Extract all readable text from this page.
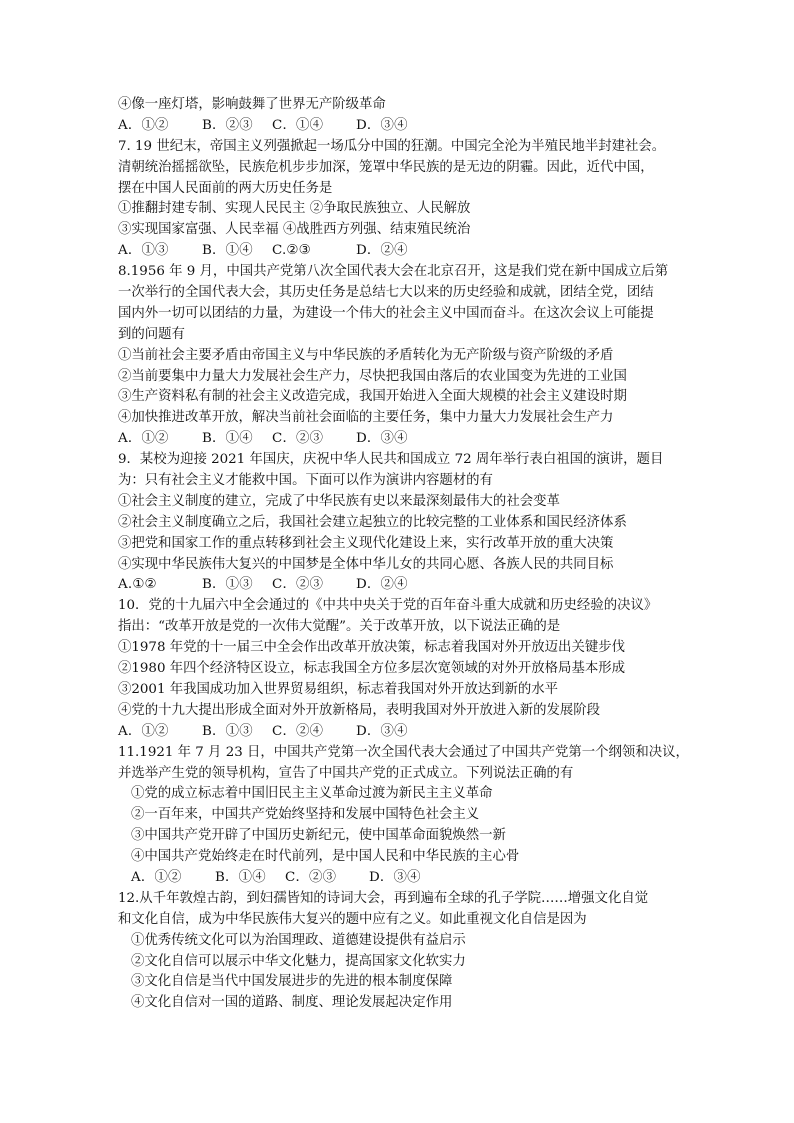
④像一座灯塔，影响鼓舞了世界无产阶级革命
A．①② B．②③ C．①④ D．③④
7. 19 世纪末，帝国主义列强掀起一场瓜分中国的狂潮。中国完全沦为半殖民地半封建社会。
清朝统治摇摇欲坠，民族危机步步加深，笼罩中华民族的是无边的阴霾。因此，近代中国，
摆在中国人民面前的两大历史任务是
①推翻封建专制、实现人民民主 ②争取民族独立、人民解放
③实现国家富强、人民幸福 ④战胜西方列强、结束殖民统治
A．①③ B．①④ C.②③	D．②④
8.1956 年 9 月，中国共产党第八次全国代表大会在北京召开，这是我们党在新中国成立后第
一次举行的全国代表大会，其历史任务是总结七大以来的历史经验和成就，团结全党，团结
国内外一切可以团结的力量，为建设一个伟大的社会主义中国而奋斗。在这次会议上可能提
到的问题有
①当前社会主要矛盾由帝国主义与中华民族的矛盾转化为无产阶级与资产阶级的矛盾
②当前要集中力量大力发展社会生产力，尽快把我国由落后的农业国变为先进的工业国
③生产资料私有制的社会主义改造完成，我国开始进入全面大规模的社会主义建设时期
④加快推进改革开放，解决当前社会面临的主要任务，集中力量大力发展社会生产力
A．①② B．①④ C．②③ D．③④
9．某校为迎接 2021 年国庆，庆祝中华人民共和国成立 72 周年举行表白祖国的演讲，题目
为：只有社会主义才能救中国。下面可以作为演讲内容题材的有
①社会主义制度的建立，完成了中华民族有史以来最深刻最伟大的社会变革
②社会主义制度确立之后，我国社会建立起独立的比较完整的工业体系和国民经济体系
③把党和国家工作的重点转移到社会主义现代化建设上来，实行改革开放的重大决策
④实现中华民族伟大复兴的中国梦是全体中华儿女的共同心愿、各族人民的共同目标
A.①②	B．①③ C．②③ D．②④
10．党的十九届六中全会通过的《中共中央关于党的百年奋斗重大成就和历史经验的决议》
指出：“改革开放是党的一次伟大觉醒”。关于改革开放，以下说法正确的是
①1978 年党的十一届三中全会作出改革开放决策，标志着我国对外开放迈出关键步伐
②1980 年四个经济特区设立，标志我国全方位多层次宽领域的对外开放格局基本形成
③2001 年我国成功加入世界贸易组织，标志着我国对外开放达到新的水平
④党的十九大提出形成全面对外开放新格局，表明我国对外开放进入新的发展阶段
A．①② B．①③ C．②④ D．③④
11.1921 年 7 月 23 日，中国共产党第一次全国代表大会通过了中国共产党第一个纲领和决议，
并选举产生党的领导机构，宣告了中国共产党的正式成立。下列说法正确的有
①党的成立标志着中国旧民主主义革命过渡为新民主主义革命
②一百年来，中国共产党始终坚持和发展中国特色社会主义
③中国共产党开辟了中国历史新纪元，使中国革命面貌焕然一新
④中国共产党始终走在时代前列，是中国人民和中华民族的主心骨
A．①② B．①④ C．②③ D．③④
12.从千年敦煌古韵，到妇孺皆知的诗词大会，再到遍布全球的孔子学院……增强文化自觉
和文化自信，成为中华民族伟大复兴的题中应有之义。如此重视文化自信是因为
①优秀传统文化可以为治国理政、道德建设提供有益启示
②文化自信可以展示中华文化魅力，提高国家文化软实力
③文化自信是当代中国发展进步的先进的根本制度保障
④文化自信对一国的道路、制度、理论发展起决定作用
